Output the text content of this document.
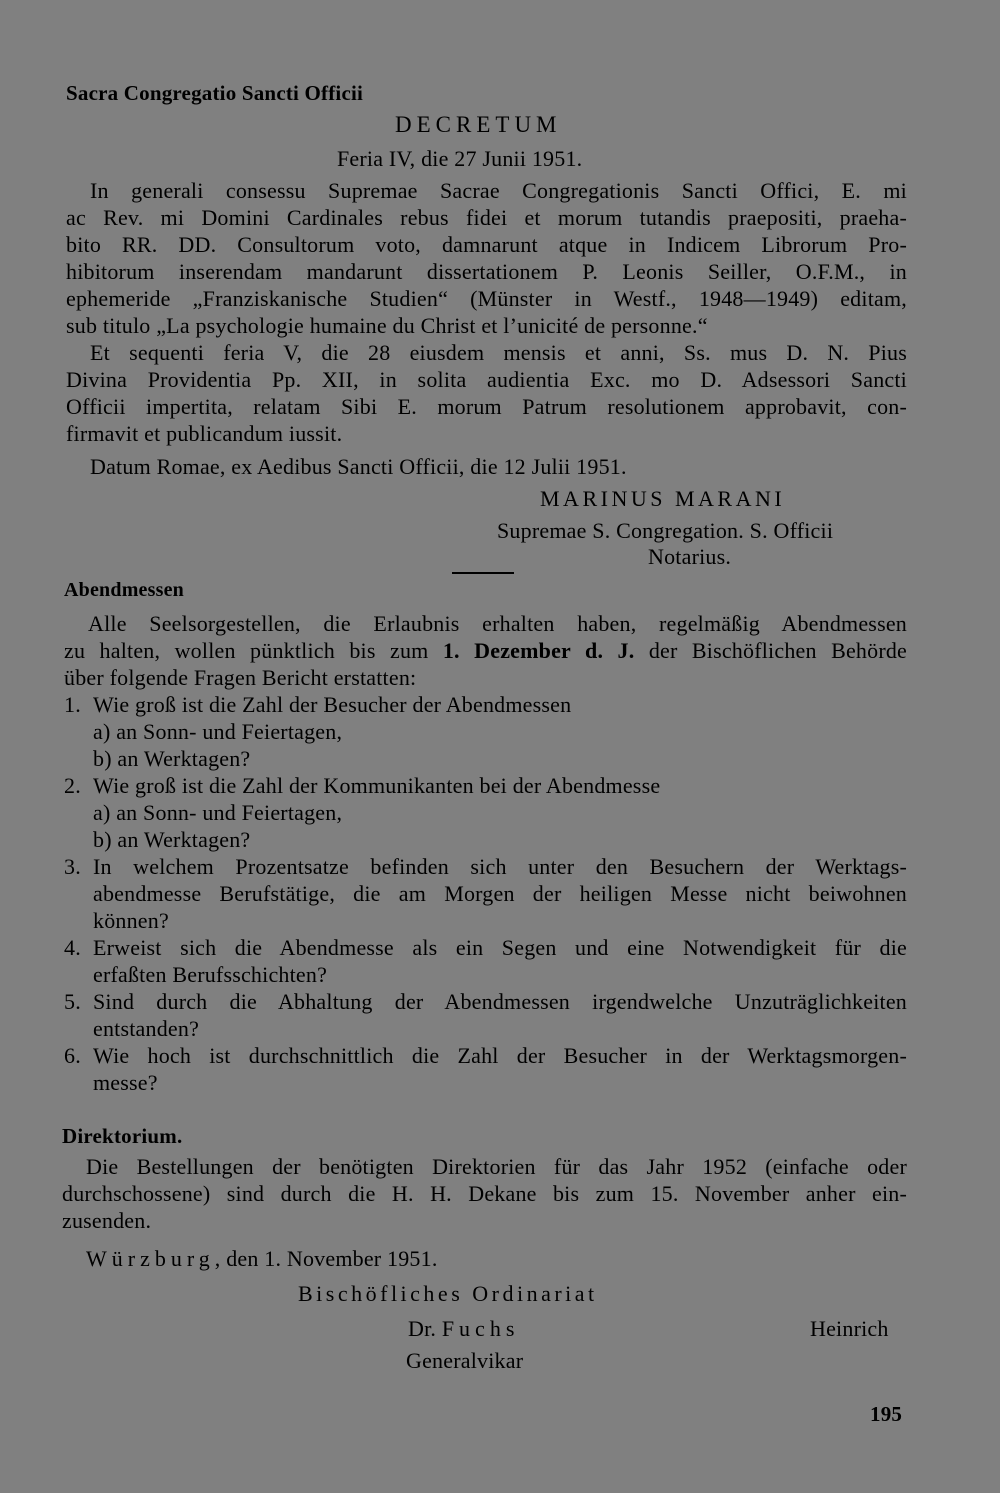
Sacra Congregatio Sancti Officii
DECRETUM
Feria IV, die 27 Junii 1951.
In generali consessu Supremae Sacrae Congregationis Sancti Offici, E. mi
ac Rev. mi Domini Cardinales rebus fidei et morum tutandis praepositi, praeha-
bito RR. DD. Consultorum voto, damnarunt atque in Indicem Librorum Pro-
hibitorum inserendam mandarunt dissertationem P. Leonis Seiller, O.F.M., in
ephemeride „Franziskanische Studien“ (Münster in Westf., 1948—1949) editam,
sub titulo „La psychologie humaine du Christ et l’unicité de personne.“
Et sequenti feria V, die 28 eiusdem mensis et anni, Ss. mus D. N. Pius
Divina Providentia Pp. XII, in solita audientia Exc. mo D. Adsessori Sancti
Officii impertita, relatam Sibi E. morum Patrum resolutionem approbavit, con-
firmavit et publicandum iussit.
Datum Romae, ex Aedibus Sancti Officii, die 12 Julii 1951.
MARINUS MARANI
Supremae S. Congregation. S. Officii
Notarius.
Abendmessen
Alle Seelsorgestellen, die Erlaubnis erhalten haben, regelmäßig Abendmessen
zu halten, wollen pünktlich bis zum 1. Dezember d. J. der Bischöflichen Behörde
über folgende Fragen Bericht erstatten:
1. Wie groß ist die Zahl der Besucher der Abendmessen
a) an Sonn- und Feiertagen,
b) an Werktagen?
2. Wie groß ist die Zahl der Kommunikanten bei der Abendmesse
a) an Sonn- und Feiertagen,
b) an Werktagen?
3. In welchem Prozentsatze befinden sich unter den Besuchern der Werktags-
abendmesse Berufstätige, die am Morgen der heiligen Messe nicht beiwohnen
können?
4. Erweist sich die Abendmesse als ein Segen und eine Notwendigkeit für die
erfaßten Berufsschichten?
5. Sind durch die Abhaltung der Abendmessen irgendwelche Unzuträglichkeiten
entstanden?
6. Wie hoch ist durchschnittlich die Zahl der Besucher in der Werktagsmorgen-
messe?
Direktorium.
Die Bestellungen der benötigten Direktorien für das Jahr 1952 (einfache oder
durchschossene) sind durch die H. H. Dekane bis zum 15. November anher ein-
zusenden.
Würzburg, den 1. November 1951.
Bischöfliches Ordinariat
Dr. Fuchs	Heinrich
Generalvikar
195
